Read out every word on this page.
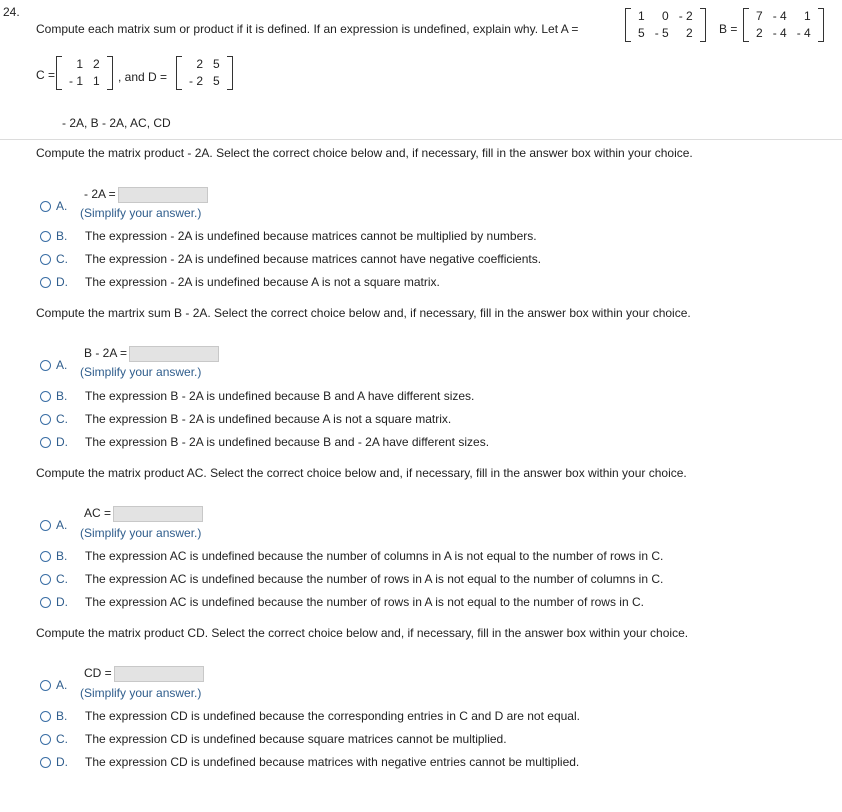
24.
Compute each matrix sum or product if it is defined. If an expression is undefined, explain why. Let A =
1	0	- 2
5	- 5	2 B =
7	- 4	1
2	- 4	- 4
C =
1	2
- 1	1 , and D =
2	5
- 2	5
- 2A, B - 2A, AC, CD
Compute the matrix product - 2A. Select the correct choice below and, if necessary, fill in the answer box within your choice.
- 2A =
A.	(Simplify your answer.)
B.	The expression - 2A is undefined because matrices cannot be multiplied by numbers.
C.	The expression - 2A is undefined because matrices cannot have negative coefficients.
D.	The expression - 2A is undefined because A is not a square matrix.
Compute the martrix sum B - 2A. Select the correct choice below and, if necessary, fill in the answer box within your choice.
B - 2A =
A.	(Simplify your answer.)
B.	The expression B - 2A is undefined because B and A have different sizes.
C.	The expression B - 2A is undefined because A is not a square matrix.
D.	The expression B - 2A is undefined because B and - 2A have different sizes.
Compute the matrix product AC. Select the correct choice below and, if necessary, fill in the answer box within your choice.
AC =
A.
(Simplify your answer.)
B.	The expression AC is undefined because the number of columns in A is not equal to the number of rows in C.
C.	The expression AC is undefined because the number of rows in A is not equal to the number of columns in C.
D.	The expression AC is undefined because the number of rows in A is not equal to the number of rows in C.
Compute the matrix product CD. Select the correct choice below and, if necessary, fill in the answer box within your choice.
CD =
A.
(Simplify your answer.)
B.	The expression CD is undefined because the corresponding entries in C and D are not equal.
C.	The expression CD is undefined because square matrices cannot be multiplied.
D.	The expression CD is undefined because matrices with negative entries cannot be multiplied.
